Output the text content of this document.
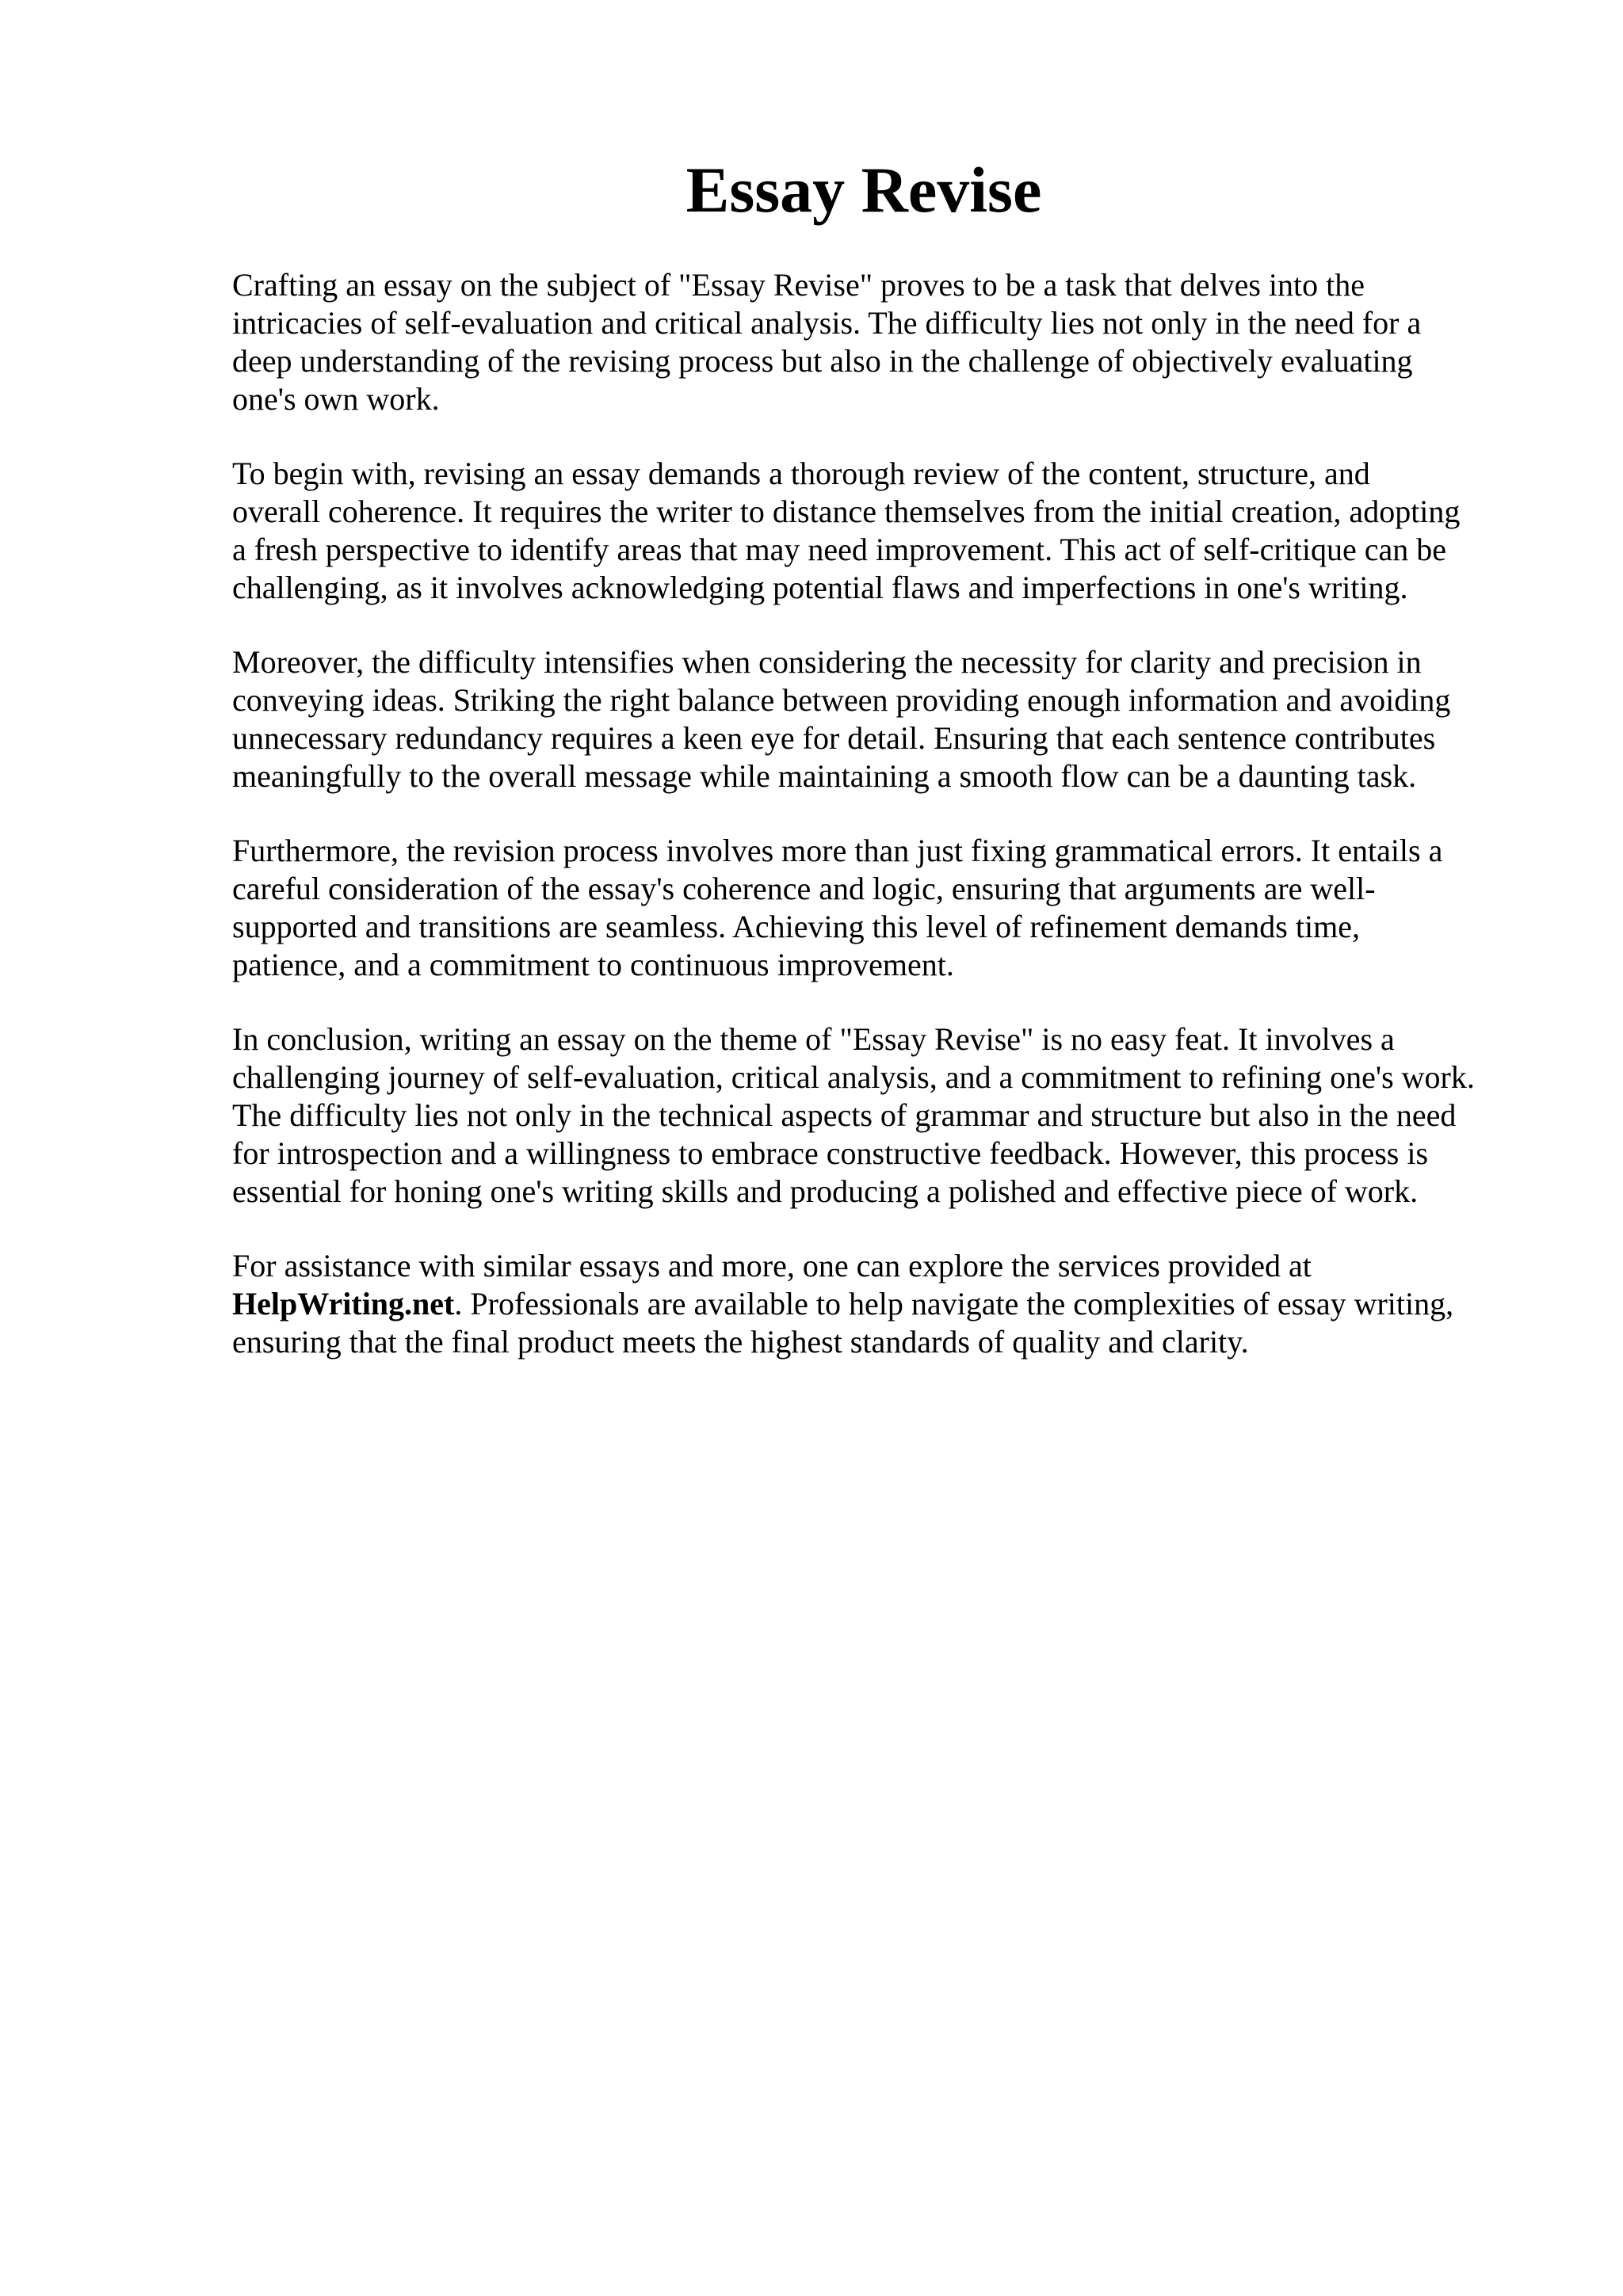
Essay Revise

Crafting an essay on the subject of "Essay Revise" proves to be a task that delves into the
intricacies of self-evaluation and critical analysis. The difficulty lies not only in the need for a
deep understanding of the revising process but also in the challenge of objectively evaluating
one's own work.

To begin with, revising an essay demands a thorough review of the content, structure, and
overall coherence. It requires the writer to distance themselves from the initial creation, adopting
a fresh perspective to identify areas that may need improvement. This act of self-critique can be
challenging, as it involves acknowledging potential flaws and imperfections in one's writing.

Moreover, the difficulty intensifies when considering the necessity for clarity and precision in
conveying ideas. Striking the right balance between providing enough information and avoiding
unnecessary redundancy requires a keen eye for detail. Ensuring that each sentence contributes
meaningfully to the overall message while maintaining a smooth flow can be a daunting task.

Furthermore, the revision process involves more than just fixing grammatical errors. It entails a
careful consideration of the essay's coherence and logic, ensuring that arguments are well-
supported and transitions are seamless. Achieving this level of refinement demands time,
patience, and a commitment to continuous improvement.

In conclusion, writing an essay on the theme of "Essay Revise" is no easy feat. It involves a
challenging journey of self-evaluation, critical analysis, and a commitment to refining one's work.
The difficulty lies not only in the technical aspects of grammar and structure but also in the need
for introspection and a willingness to embrace constructive feedback. However, this process is
essential for honing one's writing skills and producing a polished and effective piece of work.

For assistance with similar essays and more, one can explore the services provided at
HelpWriting.net. Professionals are available to help navigate the complexities of essay writing,
ensuring that the final product meets the highest standards of quality and clarity.
